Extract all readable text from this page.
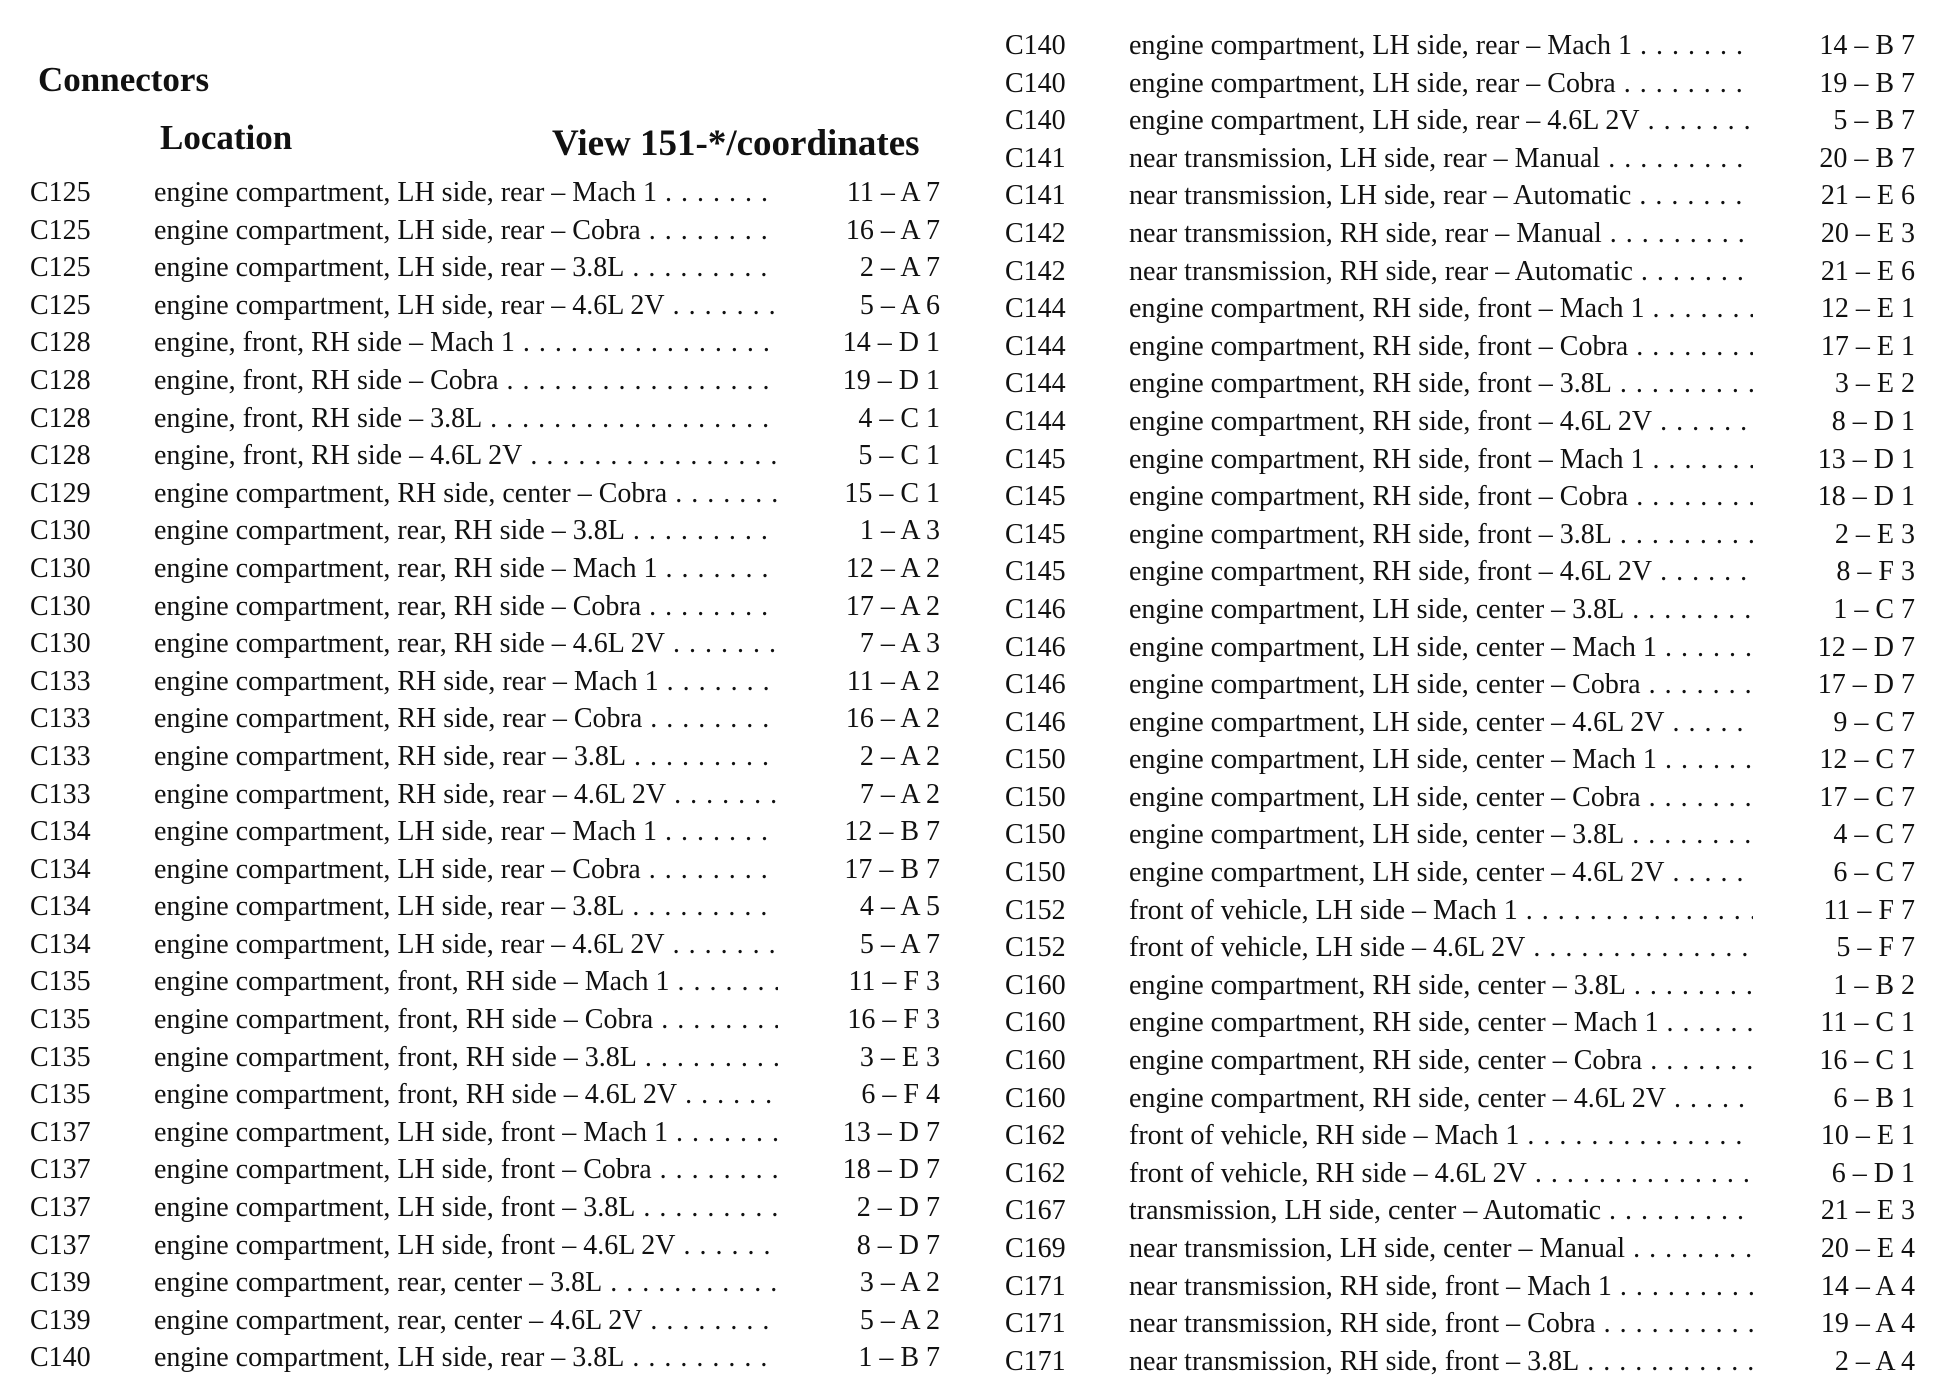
Connectors
Location	View 151-*/coordinates
C125 engine compartment, LH side, rear – Mach 1 . . .	11 – A 7
C125 engine compartment, LH side, rear – Cobra . . .	16 – A 7
C125 engine compartment, LH side, rear – 3.8L . . .	2 – A 7
C125 engine compartment, LH side, rear – 4.6L 2V . . .	5 – A 6
C128 engine, front, RH side – Mach 1 . . .	14 – D 1
C128 engine, front, RH side – Cobra . . .	19 – D 1
C128 engine, front, RH side – 3.8L . . .	4 – C 1
C128 engine, front, RH side – 4.6L 2V . . .	5 – C 1
C129 engine compartment, RH side, center – Cobra . . .	15 – C 1
C130 engine compartment, rear, RH side – 3.8L . . .	1 – A 3
C130 engine compartment, rear, RH side – Mach 1 . . .	12 – A 2
C130 engine compartment, rear, RH side – Cobra . . .	17 – A 2
C130 engine compartment, rear, RH side – 4.6L 2V . . .	7 – A 3
C133 engine compartment, RH side, rear – Mach 1 . . .	11 – A 2
C133 engine compartment, RH side, rear – Cobra . . .	16 – A 2
C133 engine compartment, RH side, rear – 3.8L . . .	2 – A 2
C133 engine compartment, RH side, rear – 4.6L 2V . . .	7 – A 2
C134 engine compartment, LH side, rear – Mach 1 . . .	12 – B 7
C134 engine compartment, LH side, rear – Cobra . . .	17 – B 7
C134 engine compartment, LH side, rear – 3.8L . . .	4 – A 5
C134 engine compartment, LH side, rear – 4.6L 2V . . .	5 – A 7
C135 engine compartment, front, RH side – Mach 1 . . .	11 – F 3
C135 engine compartment, front, RH side – Cobra . . .	16 – F 3
C135 engine compartment, front, RH side – 3.8L . . .	3 – E 3
C135 engine compartment, front, RH side – 4.6L 2V . . .	6 – F 4
C137 engine compartment, LH side, front – Mach 1 . . .	13 – D 7
C137 engine compartment, LH side, front – Cobra . . .	18 – D 7
C137 engine compartment, LH side, front – 3.8L . . .	2 – D 7
C137 engine compartment, LH side, front – 4.6L 2V . . .	8 – D 7
C139 engine compartment, rear, center – 3.8L . . .	3 – A 2
C139 engine compartment, rear, center – 4.6L 2V . . .	5 – A 2
C140 engine compartment, LH side, rear – 3.8L . . .	1 – B 7
C140 engine compartment, LH side, rear – Mach 1 . . .	14 – B 7
C140 engine compartment, LH side, rear – Cobra . . .	19 – B 7
C140 engine compartment, LH side, rear – 4.6L 2V . . .	5 – B 7
C141 near transmission, LH side, rear – Manual . . .	20 – B 7
C141 near transmission, LH side, rear – Automatic . . .	21 – E 6
C142 near transmission, RH side, rear – Manual . . .	20 – E 3
C142 near transmission, RH side, rear – Automatic . . .	21 – E 6
C144 engine compartment, RH side, front – Mach 1 . . .	12 – E 1
C144 engine compartment, RH side, front – Cobra . . .	17 – E 1
C144 engine compartment, RH side, front – 3.8L . . .	3 – E 2
C144 engine compartment, RH side, front – 4.6L 2V . . .	8 – D 1
C145 engine compartment, RH side, front – Mach 1 . . .	13 – D 1
C145 engine compartment, RH side, front – Cobra . . .	18 – D 1
C145 engine compartment, RH side, front – 3.8L . . .	2 – E 3
C145 engine compartment, RH side, front – 4.6L 2V . . .	8 – F 3
C146 engine compartment, LH side, center – 3.8L . . .	1 – C 7
C146 engine compartment, LH side, center – Mach 1 . . .	12 – D 7
C146 engine compartment, LH side, center – Cobra . . .	17 – D 7
C146 engine compartment, LH side, center – 4.6L 2V . . .	9 – C 7
C150 engine compartment, LH side, center – Mach 1 . . .	12 – C 7
C150 engine compartment, LH side, center – Cobra . . .	17 – C 7
C150 engine compartment, LH side, center – 3.8L . . .	4 – C 7
C150 engine compartment, LH side, center – 4.6L 2V . . .	6 – C 7
C152 front of vehicle, LH side – Mach 1 . . .	11 – F 7
C152 front of vehicle, LH side – 4.6L 2V . . .	5 – F 7
C160 engine compartment, RH side, center – 3.8L . . .	1 – B 2
C160 engine compartment, RH side, center – Mach 1 . . .	11 – C 1
C160 engine compartment, RH side, center – Cobra . . .	16 – C 1
C160 engine compartment, RH side, center – 4.6L 2V . . .	6 – B 1
C162 front of vehicle, RH side – Mach 1 . . .	10 – E 1
C162 front of vehicle, RH side – 4.6L 2V . . .	6 – D 1
C167 transmission, LH side, center – Automatic . . .	21 – E 3
C169 near transmission, LH side, center – Manual . . .	20 – E 4
C171 near transmission, RH side, front – Mach 1 . . .	14 – A 4
C171 near transmission, RH side, front – Cobra . . .	19 – A 4
C171 near transmission, RH side, front – 3.8L . . .	2 – A 4
